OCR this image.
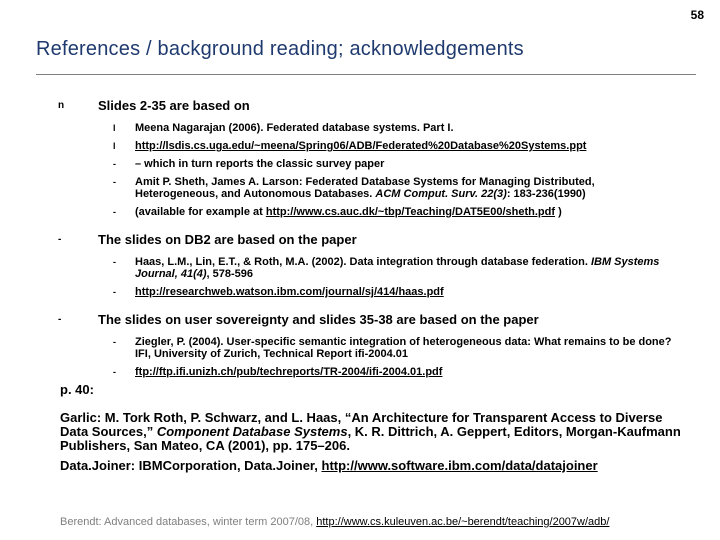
58
References / background reading; acknowledgements
n	Slides 2-35 are based on
l Meena Nagarajan (2006). Federated database systems. Part I.
l http://lsdis.cs.uga.edu/~meena/Spring06/ADB/Federated%20Database%20Systems.ppt
- – which in turn reports the classic survey paper
- Amit P. Sheth, James A. Larson: Federated Database Systems for Managing Distributed, Heterogeneous, and Autonomous Databases. ACM Comput. Surv. 22(3): 183-236(1990)
- (available for example at http://www.cs.auc.dk/~tbp/Teaching/DAT5E00/sheth.pdf )
-	The slides on DB2 are based on the paper
- Haas, L.M., Lin, E.T., & Roth, M.A. (2002). Data integration through database federation. IBM Systems Journal, 41(4), 578-596
- http://researchweb.watson.ibm.com/journal/sj/414/haas.pdf
-	The slides on user sovereignty and slides 35-38 are based on the paper
- Ziegler, P. (2004). User-specific semantic integration of heterogeneous data: What remains to be done? IFI, University of Zurich, Technical Report ifi-2004.01
- ftp://ftp.ifi.unizh.ch/pub/techreports/TR-2004/ifi-2004.01.pdf

p. 40:

Garlic: M. Tork Roth, P. Schwarz, and L. Haas, “An Architecture for Transparent Access to Diverse Data Sources,” Component Database Systems, K. R. Dittrich, A. Geppert, Editors, Morgan-Kaufmann Publishers, San Mateo, CA (2001), pp. 175–206.

Data.Joiner: IBMCorporation, Data.Joiner, http://www.software.ibm.com/data/datajoiner

Berendt: Advanced databases, winter term 2007/08, http://www.cs.kuleuven.ac.be/~berendt/teaching/2007w/adb/
